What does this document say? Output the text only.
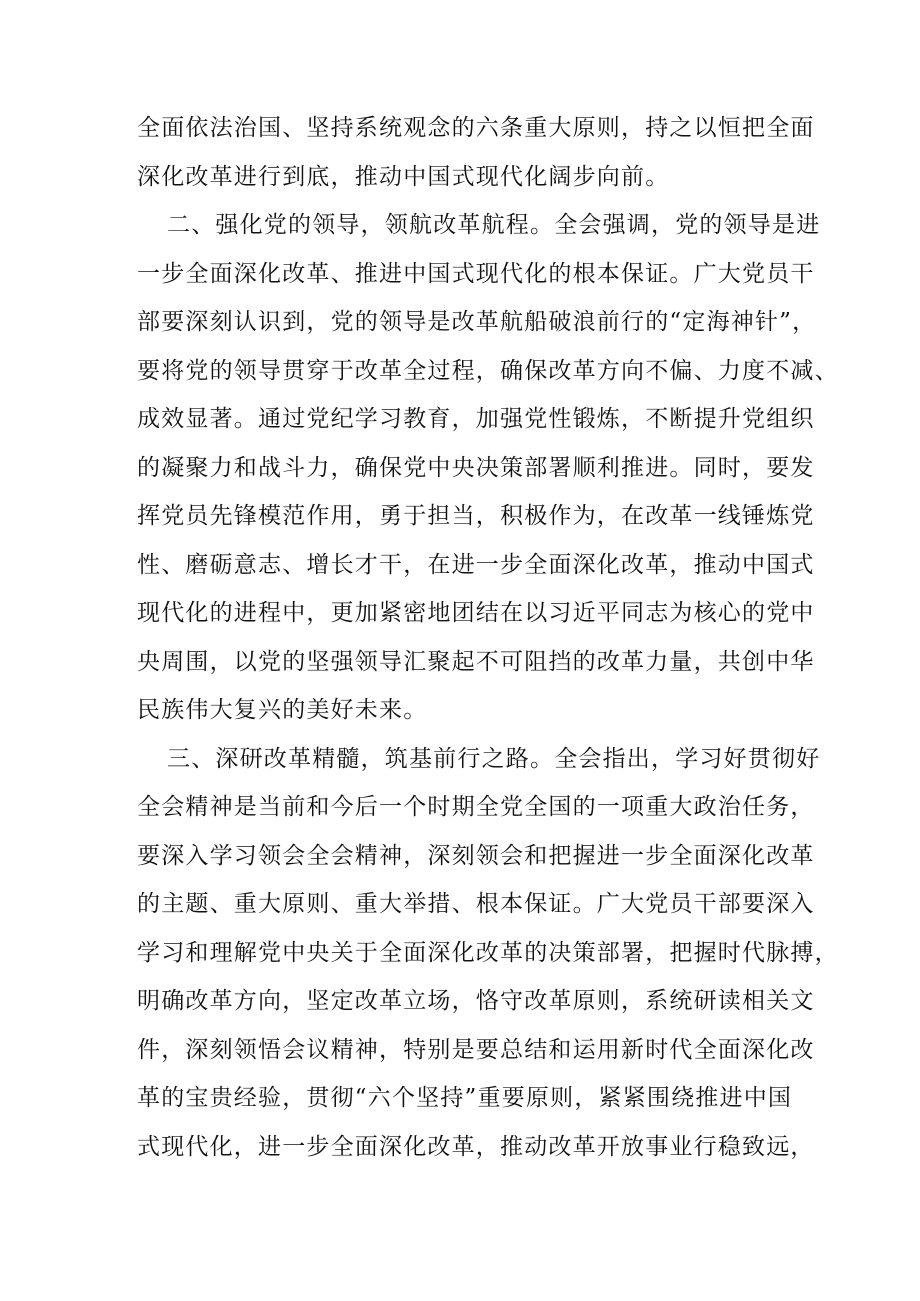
全面依法治国、坚持系统观念的六条重大原则，持之以恒把全面
深化改革进行到底，推动中国式现代化阔步向前。
二、强化党的领导，领航改革航程。全会强调，党的领导是进
一步全面深化改革、推进中国式现代化的根本保证。广大党员干
部要深刻认识到，党的领导是改革航船破浪前行的“定海神针”，
要将党的领导贯穿于改革全过程，确保改革方向不偏、力度不减、
成效显著。通过党纪学习教育，加强党性锻炼，不断提升党组织
的凝聚力和战斗力，确保党中央决策部署顺利推进。同时，要发
挥党员先锋模范作用，勇于担当，积极作为，在改革一线锤炼党
性、磨砺意志、增长才干，在进一步全面深化改革，推动中国式
现代化的进程中，更加紧密地团结在以习近平同志为核心的党中
央周围，以党的坚强领导汇聚起不可阻挡的改革力量，共创中华
民族伟大复兴的美好未来。
三、深研改革精髓，筑基前行之路。全会指出，学习好贯彻好
全会精神是当前和今后一个时期全党全国的一项重大政治任务，
要深入学习领会全会精神，深刻领会和把握进一步全面深化改革
的主题、重大原则、重大举措、根本保证。广大党员干部要深入
学习和理解党中央关于全面深化改革的决策部署，把握时代脉搏，
明确改革方向，坚定改革立场，恪守改革原则，系统研读相关文
件，深刻领悟会议精神，特别是要总结和运用新时代全面深化改
革的宝贵经验，贯彻“六个坚持”重要原则，紧紧围绕推进中国
式现代化，进一步全面深化改革，推动改革开放事业行稳致远，
